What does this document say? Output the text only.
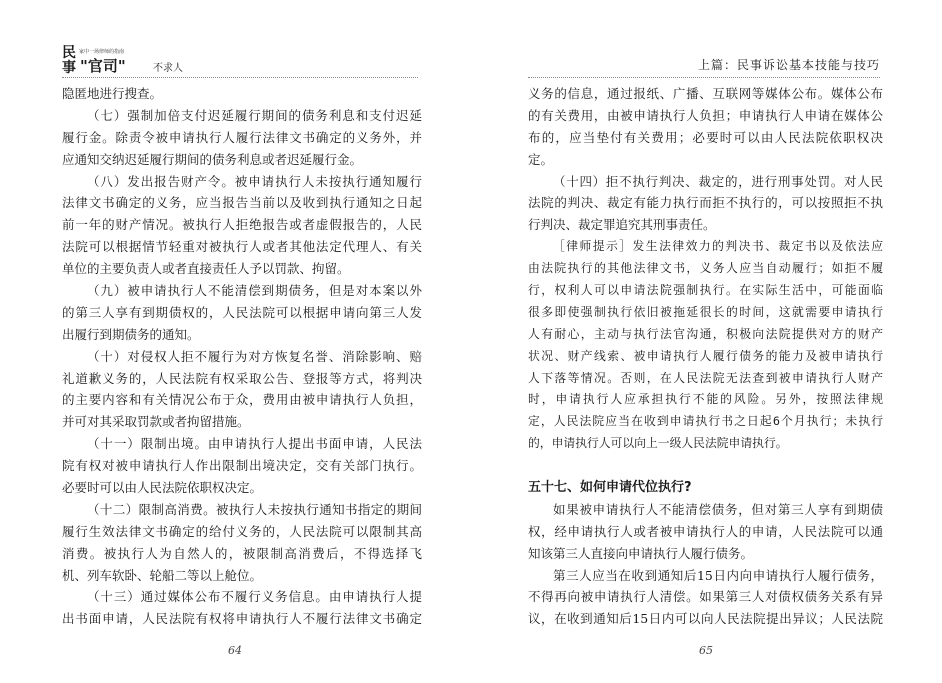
民
事
家中一场律师的指南
"官司"	不求人
隐匿地进行搜查。
（七）强制加倍支付迟延履行期间的债务利息和支付迟延
履行金。除责令被申请执行人履行法律文书确定的义务外，并
应通知交纳迟延履行期间的债务利息或者迟延履行金。
（八）发出报告财产令。被申请执行人未按执行通知履行
法律文书确定的义务，应当报告当前以及收到执行通知之日起
前一年的财产情况。被执行人拒绝报告或者虚假报告的，人民
法院可以根据情节轻重对被执行人或者其他法定代理人、有关
单位的主要负责人或者直接责任人予以罚款、拘留。
（九）被申请执行人不能清偿到期债务，但是对本案以外
的第三人享有到期债权的，人民法院可以根据申请向第三人发
出履行到期债务的通知。
（十）对侵权人拒不履行为对方恢复名誉、消除影响、赔
礼道歉义务的，人民法院有权采取公告、登报等方式，将判决
的主要内容和有关情况公布于众，费用由被申请执行人负担，
并可对其采取罚款或者拘留措施。
（十一）限制出境。由申请执行人提出书面申请，人民法
院有权对被申请执行人作出限制出境决定，交有关部门执行。
必要时可以由人民法院依职权决定。
（十二）限制高消费。被执行人未按执行通知书指定的期间
履行生效法律文书确定的给付义务的，人民法院可以限制其高
消费。被执行人为自然人的，被限制高消费后，不得选择飞
机、列车软卧、轮船二等以上舱位。
（十三）通过媒体公布不履行义务信息。由申请执行人提
出书面申请，人民法院有权将申请执行人不履行法律文书确定
64
上篇：民事诉讼基本技能与技巧
义务的信息，通过报纸、广播、互联网等媒体公布。媒体公布
的有关费用，由被申请执行人负担；申请执行人申请在媒体公
布的，应当垫付有关费用；必要时可以由人民法院依职权决
定。
（十四）拒不执行判决、裁定的，进行刑事处罚。对人民
法院的判决、裁定有能力执行而拒不执行的，可以按照拒不执
行判决、裁定罪追究其刑事责任。
［律师提示］发生法律效力的判决书、裁定书以及依法应
由法院执行的其他法律文书，义务人应当自动履行；如拒不履
行，权利人可以申请法院强制执行。在实际生活中，可能面临
很多即使强制执行依旧被拖延很长的时间，这就需要申请执行
人有耐心，主动与执行法官沟通，积极向法院提供对方的财产
状况、财产线索、被申请执行人履行债务的能力及被申请执行
人下落等情况。否则，在人民法院无法查到被申请执行人财产
时，申请执行人应承担执行不能的风险。另外，按照法律规
定，人民法院应当在收到申请执行书之日起6个月执行；未执行
的，申请执行人可以向上一级人民法院申请执行。
五十七、如何申请代位执行?
如果被申请执行人不能清偿债务，但对第三人享有到期债
权，经申请执行人或者被申请执行人的申请，人民法院可以通
知该第三人直接向申请执行人履行债务。
第三人应当在收到通知后15日内向申请执行人履行债务，
不得再向被申请执行人清偿。如果第三人对债权债务关系有异
议，在收到通知后15日内可以向人民法院提出异议；人民法院
65
